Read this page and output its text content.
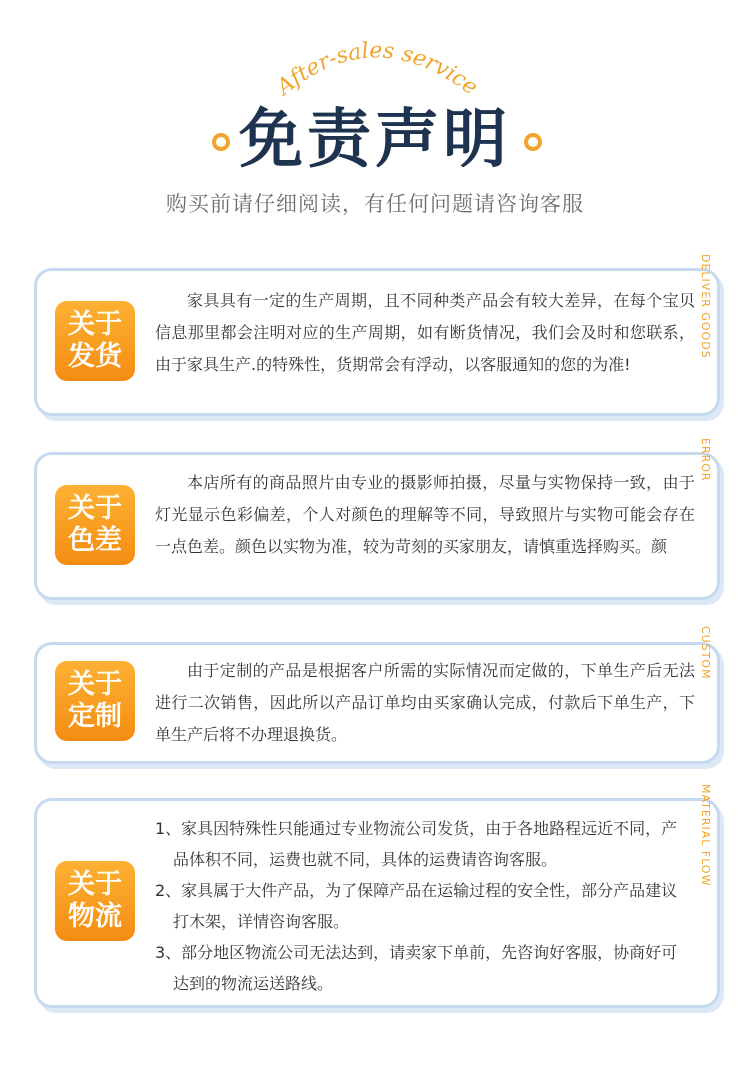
After-sales service
免责声明
购买前请仔细阅读，有任何问题请咨询客服
关于
发货

家具具有一定的生产周期，且不同种类产品会有较大差异，在每个宝贝信息那里都会注明对应的生产周期，如有断货情况，我们会及时和您联系，由于家具生产.的特殊性，货期常会有浮动，以客服通知的您的为准!

DELIVER GOODS
关于
色差

本店所有的商品照片由专业的摄影师拍摄，尽量与实物保持一致，由于灯光显示色彩偏差，个人对颜色的理解等不同，导致照片与实物可能会存在一点色差。颜色以实物为准，较为苛刻的买家朋友，请慎重选择购买。颜

ERROR
关于
定制

由于定制的产品是根据客户所需的实际情况而定做的，下单生产后无法进行二次销售，因此所以产品订单均由买家确认完成，付款后下单生产，下单生产后将不办理退换货。

CUSTOM
关于
物流

1、家具因特殊性只能通过专业物流公司发货，由于各地路程远近不同，产品体积不同，运费也就不同，具体的运费请咨询客服。

2、家具属于大件产品，为了保障产品在运输过程的安全性，部分产品建议打木架，详情咨询客服。

3、部分地区物流公司无法达到，请卖家下单前，先咨询好客服，协商好可达到的物流运送路线。

MATERIAL FLOW
